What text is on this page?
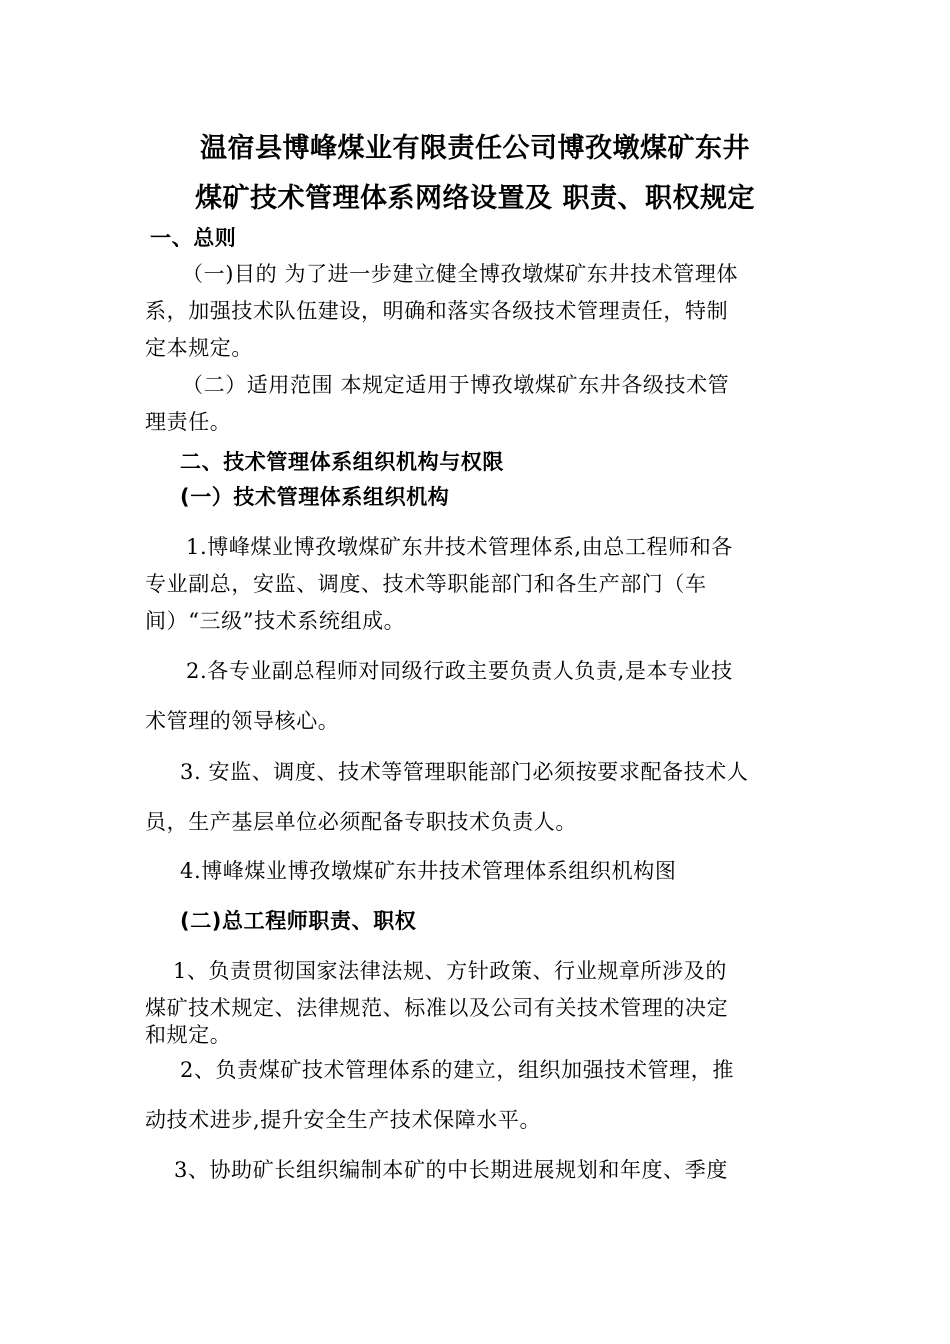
温宿县博峰煤业有限责任公司博孜墩煤矿东井
煤矿技术管理体系网络设置及 职责、职权规定
一、总则
（一)目的 为了进一步建立健全博孜墩煤矿东井技术管理体
系，加强技术队伍建设，明确和落实各级技术管理责任，特制
定本规定。
（二）适用范围 本规定适用于博孜墩煤矿东井各级技术管
理责任。
二、技术管理体系组织机构与权限
(一）技术管理体系组织机构
1.博峰煤业博孜墩煤矿东井技术管理体系,由总工程师和各
专业副总，安监、调度、技术等职能部门和各生产部门（车
间）“三级”技术系统组成。
2.各专业副总程师对同级行政主要负责人负责,是本专业技
术管理的领导核心。
3. 安监、调度、技术等管理职能部门必须按要求配备技术人
员，生产基层单位必须配备专职技术负责人。
4.博峰煤业博孜墩煤矿东井技术管理体系组织机构图
(二)总工程师职责、职权
1、负责贯彻国家法律法规、方针政策、行业规章所涉及的
煤矿技术规定、法律规范、标准以及公司有关技术管理的决定
和规定。
2、负责煤矿技术管理体系的建立，组织加强技术管理，推
动技术进步,提升安全生产技术保障水平。
3、协助矿长组织编制本矿的中长期进展规划和年度、季度
